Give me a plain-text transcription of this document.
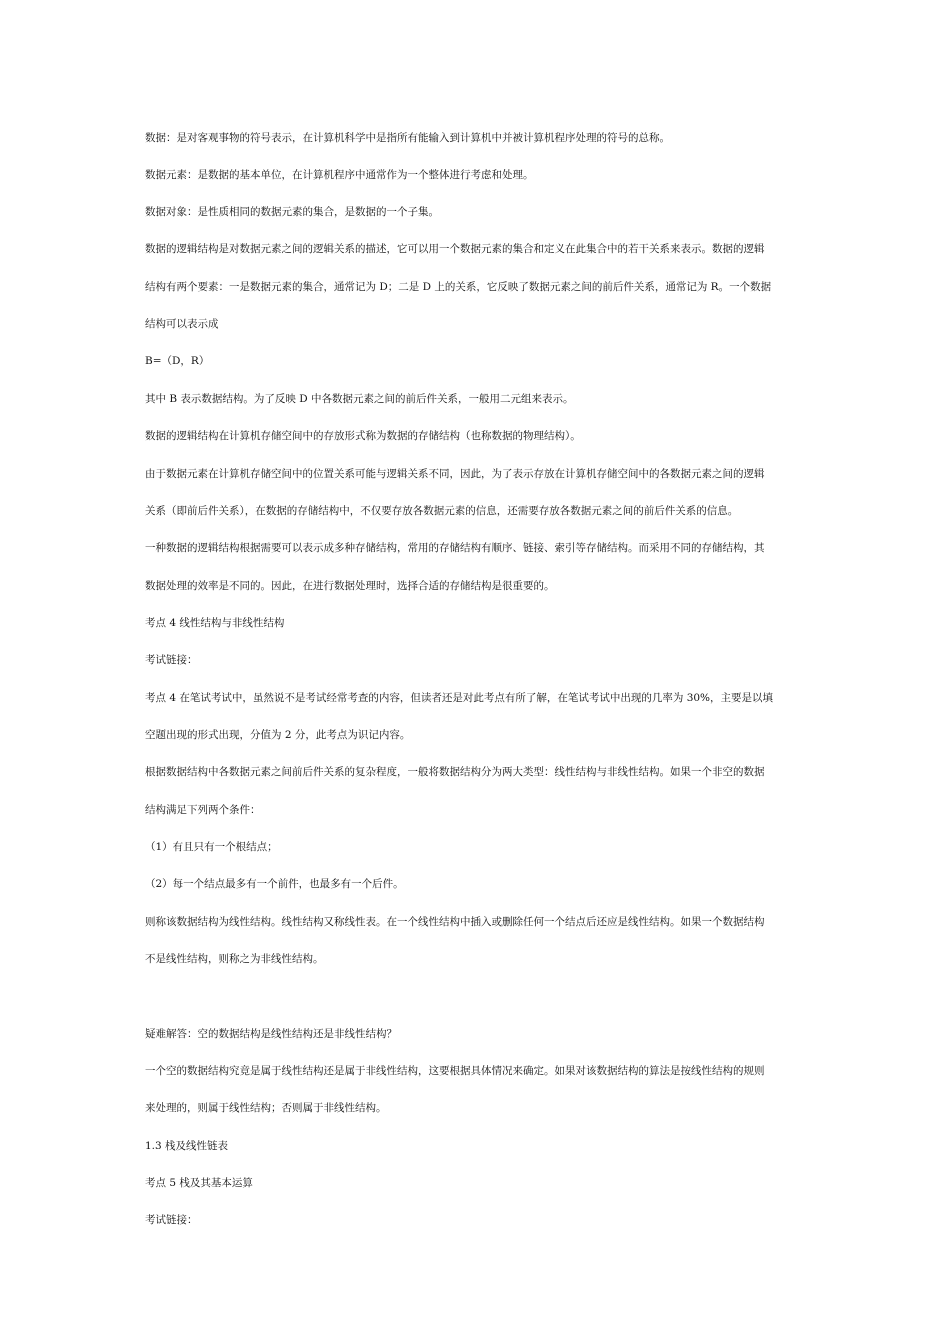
数据：是对客观事物的符号表示，在计算机科学中是指所有能输入到计算机中并被计算机程序处理的符号的总称。
数据元素：是数据的基本单位，在计算机程序中通常作为一个整体进行考虑和处理。
数据对象：是性质相同的数据元素的集合，是数据的一个子集。
数据的逻辑结构是对数据元素之间的逻辑关系的描述，它可以用一个数据元素的集合和定义在此集合中的若干关系来表示。数据的逻辑
结构有两个要素：一是数据元素的集合，通常记为 D；二是 D 上的关系，它反映了数据元素之间的前后件关系，通常记为 R。一个数据
结构可以表示成
B=（D，R）
其中 B 表示数据结构。为了反映 D 中各数据元素之间的前后件关系，一般用二元组来表示。
数据的逻辑结构在计算机存储空间中的存放形式称为数据的存储结构（也称数据的物理结构）。
由于数据元素在计算机存储空间中的位置关系可能与逻辑关系不同，因此，为了表示存放在计算机存储空间中的各数据元素之间的逻辑
关系（即前后件关系），在数据的存储结构中，不仅要存放各数据元素的信息，还需要存放各数据元素之间的前后件关系的信息。
一种数据的逻辑结构根据需要可以表示成多种存储结构，常用的存储结构有顺序、链接、索引等存储结构。而采用不同的存储结构，其
数据处理的效率是不同的。因此，在进行数据处理时，选择合适的存储结构是很重要的。
考点 4 线性结构与非线性结构
考试链接：
考点 4 在笔试考试中，虽然说不是考试经常考查的内容，但读者还是对此考点有所了解，在笔试考试中出现的几率为 30%，主要是以填
空题出现的形式出现，分值为 2 分，此考点为识记内容。
根据数据结构中各数据元素之间前后件关系的复杂程度，一般将数据结构分为两大类型：线性结构与非线性结构。如果一个非空的数据
结构满足下列两个条件：
（1）有且只有一个根结点；
（2）每一个结点最多有一个前件，也最多有一个后件。
则称该数据结构为线性结构。线性结构又称线性表。在一个线性结构中插入或删除任何一个结点后还应是线性结构。如果一个数据结构
不是线性结构，则称之为非线性结构。
疑难解答：空的数据结构是线性结构还是非线性结构？
一个空的数据结构究竟是属于线性结构还是属于非线性结构，这要根据具体情况来确定。如果对该数据结构的算法是按线性结构的规则
来处理的，则属于线性结构；否则属于非线性结构。
1.3 栈及线性链表
考点 5 栈及其基本运算
考试链接：
